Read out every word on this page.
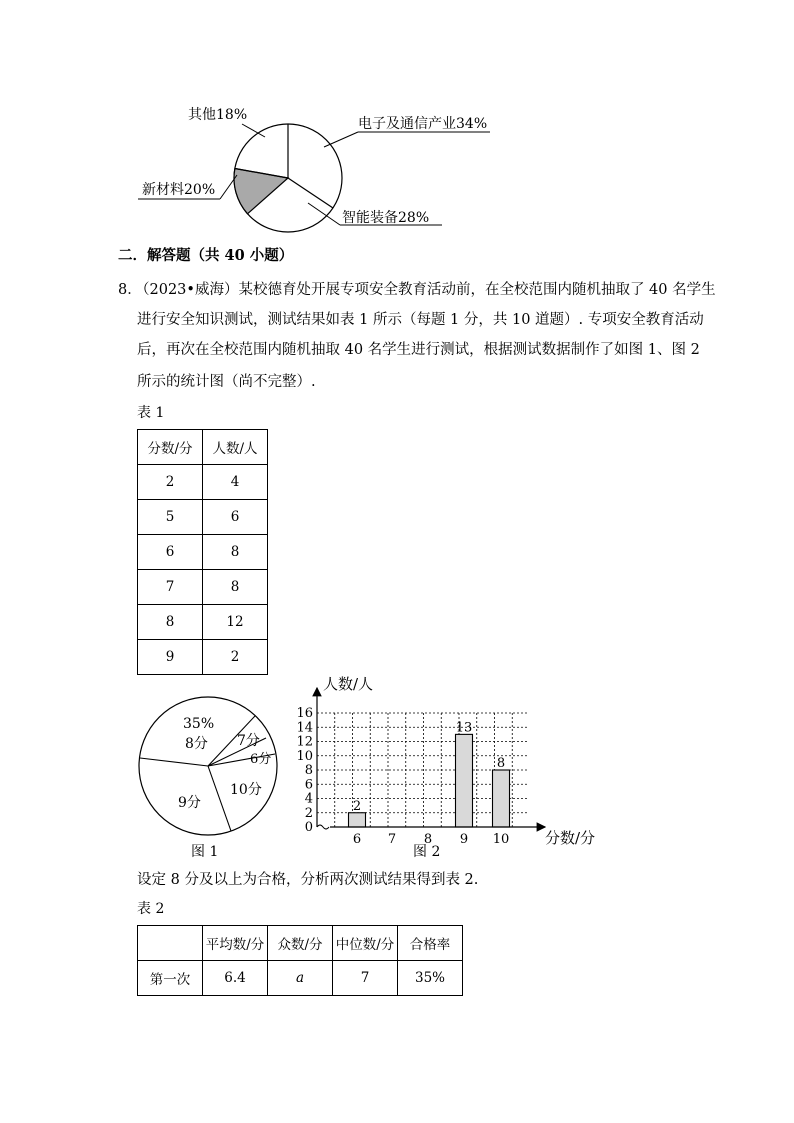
其他18%
电子及通信产业34%
新材料20%
智能装备28%
二．解答题（共 40 小题）
8．
（2023•威海）某校德育处开展专项安全教育活动前，在全校范围内随机抽取了 40 名学生
进行安全知识测试，测试结果如表 1 所示（每题 1 分，共 10 道题）. 专项安全教育活动
后，再次在全校范围内随机抽取 40 名学生进行测试，根据测试数据制作了如图 1、图 2
所示的统计图（尚不完整）.
表 1
分数/分	人数/人
2	4
5	6
6	8
7	8
8	12
9	2
35%
8分 7分
6分
10分
9分
图 1
2
13
8
0
2
4
6
8
10
12
14
16
6 7 8 9 10
人数/人
分数/分
图 2
设定 8 分及以上为合格，分析两次测试结果得到表 2.
表 2
	平均数/分	众数/分	中位数/分	合格率
第一次	6.4	a	7	35%
